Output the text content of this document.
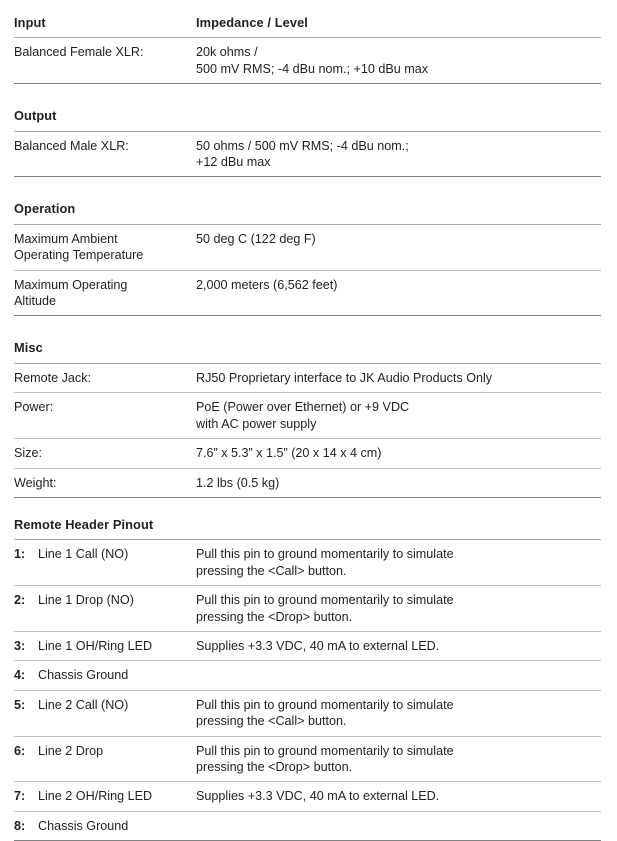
Input	Impedance / Level
Balanced Female XLR:	20k ohms /
500 mV RMS; -4 dBu nom.; +10 dBu max

Output	
Balanced Male XLR:	50 ohms / 500 mV RMS; -4 dBu nom.;
+12 dBu max

Operation	

Maximum Ambient
Operating Temperature	50 deg C (122 deg F)

Maximum Operating
Altitude	2,000 meters (6,562 feet)

Misc	
Remote Jack:	RJ50 Proprietary interface to JK Audio Products Only

Power:	PoE (Power over Ethernet) or +9 VDC
with AC power supply

Size:	7.6” x 5.3” x 1.5” (20 x 14 x 4 cm)

Weight:	1.2 lbs (0.5 kg)

Remote Header Pinout		
1:	Line 1 Call (NO)	Pull this pin to ground momentarily to simulate
pressing the <Call> button.

2:	Line 1 Drop (NO)	Pull this pin to ground momentarily to simulate
pressing the <Drop> button.

3:	Line 1 OH/Ring LED	Supplies +3.3 VDC, 40 mA to external LED.

4:	Chassis Ground	

5:	Line 2 Call (NO)	Pull this pin to ground momentarily to simulate
pressing the <Call> button.

6:	Line 2 Drop	Pull this pin to ground momentarily to simulate
pressing the <Drop> button.

7:	Line 2 OH/Ring LED	Supplies +3.3 VDC, 40 mA to external LED.

8:	Chassis Ground	
